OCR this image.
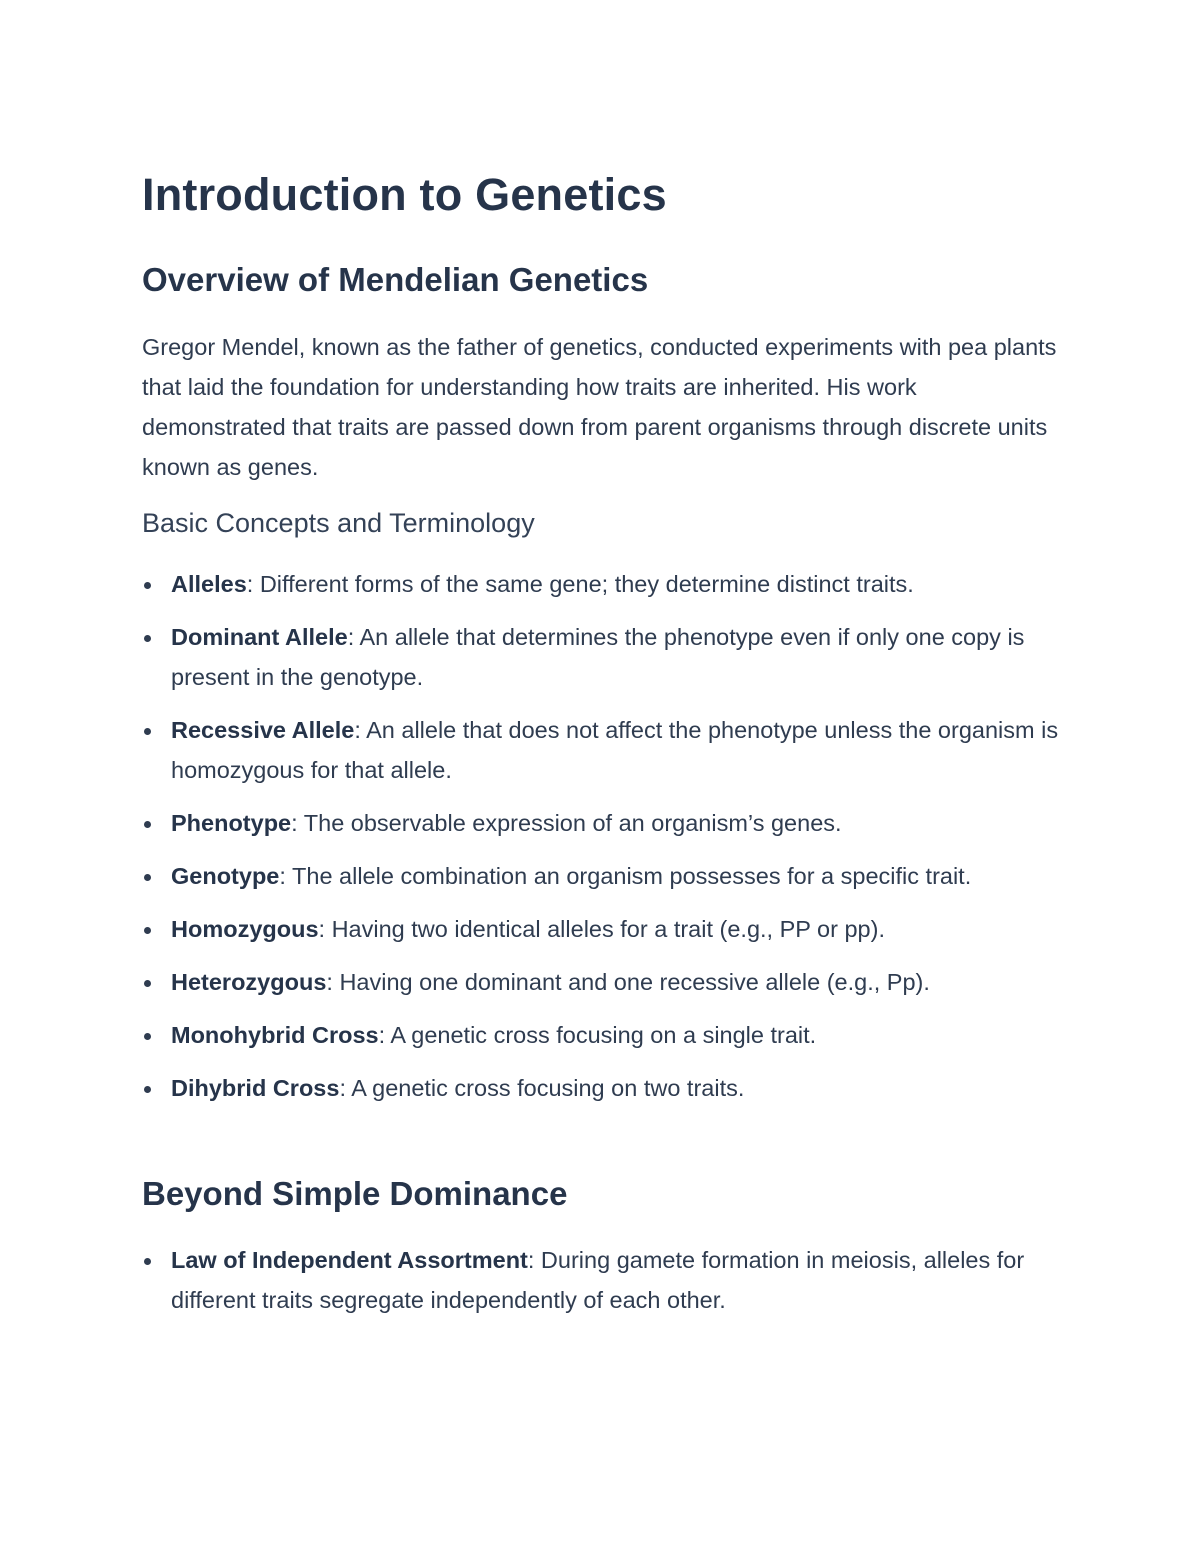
Introduction to Genetics
Overview of Mendelian Genetics

Gregor Mendel, known as the father of genetics, conducted experiments with pea plants that laid the foundation for understanding how traits are inherited. His work demonstrated that traits are passed down from parent organisms through discrete units known as genes.

Basic Concepts and Terminology
Alleles: Different forms of the same gene; they determine distinct traits.
Dominant Allele: An allele that determines the phenotype even if only one copy is present in the genotype.
Recessive Allele: An allele that does not affect the phenotype unless the organism is homozygous for that allele.
Phenotype: The observable expression of an organism’s genes.
Genotype: The allele combination an organism possesses for a specific trait.
Homozygous: Having two identical alleles for a trait (e.g., PP or pp).
Heterozygous: Having one dominant and one recessive allele (e.g., Pp).
Monohybrid Cross: A genetic cross focusing on a single trait.
Dihybrid Cross: A genetic cross focusing on two traits.
Beyond Simple Dominance
Law of Independent Assortment: During gamete formation in meiosis, alleles for different traits segregate independently of each other.
